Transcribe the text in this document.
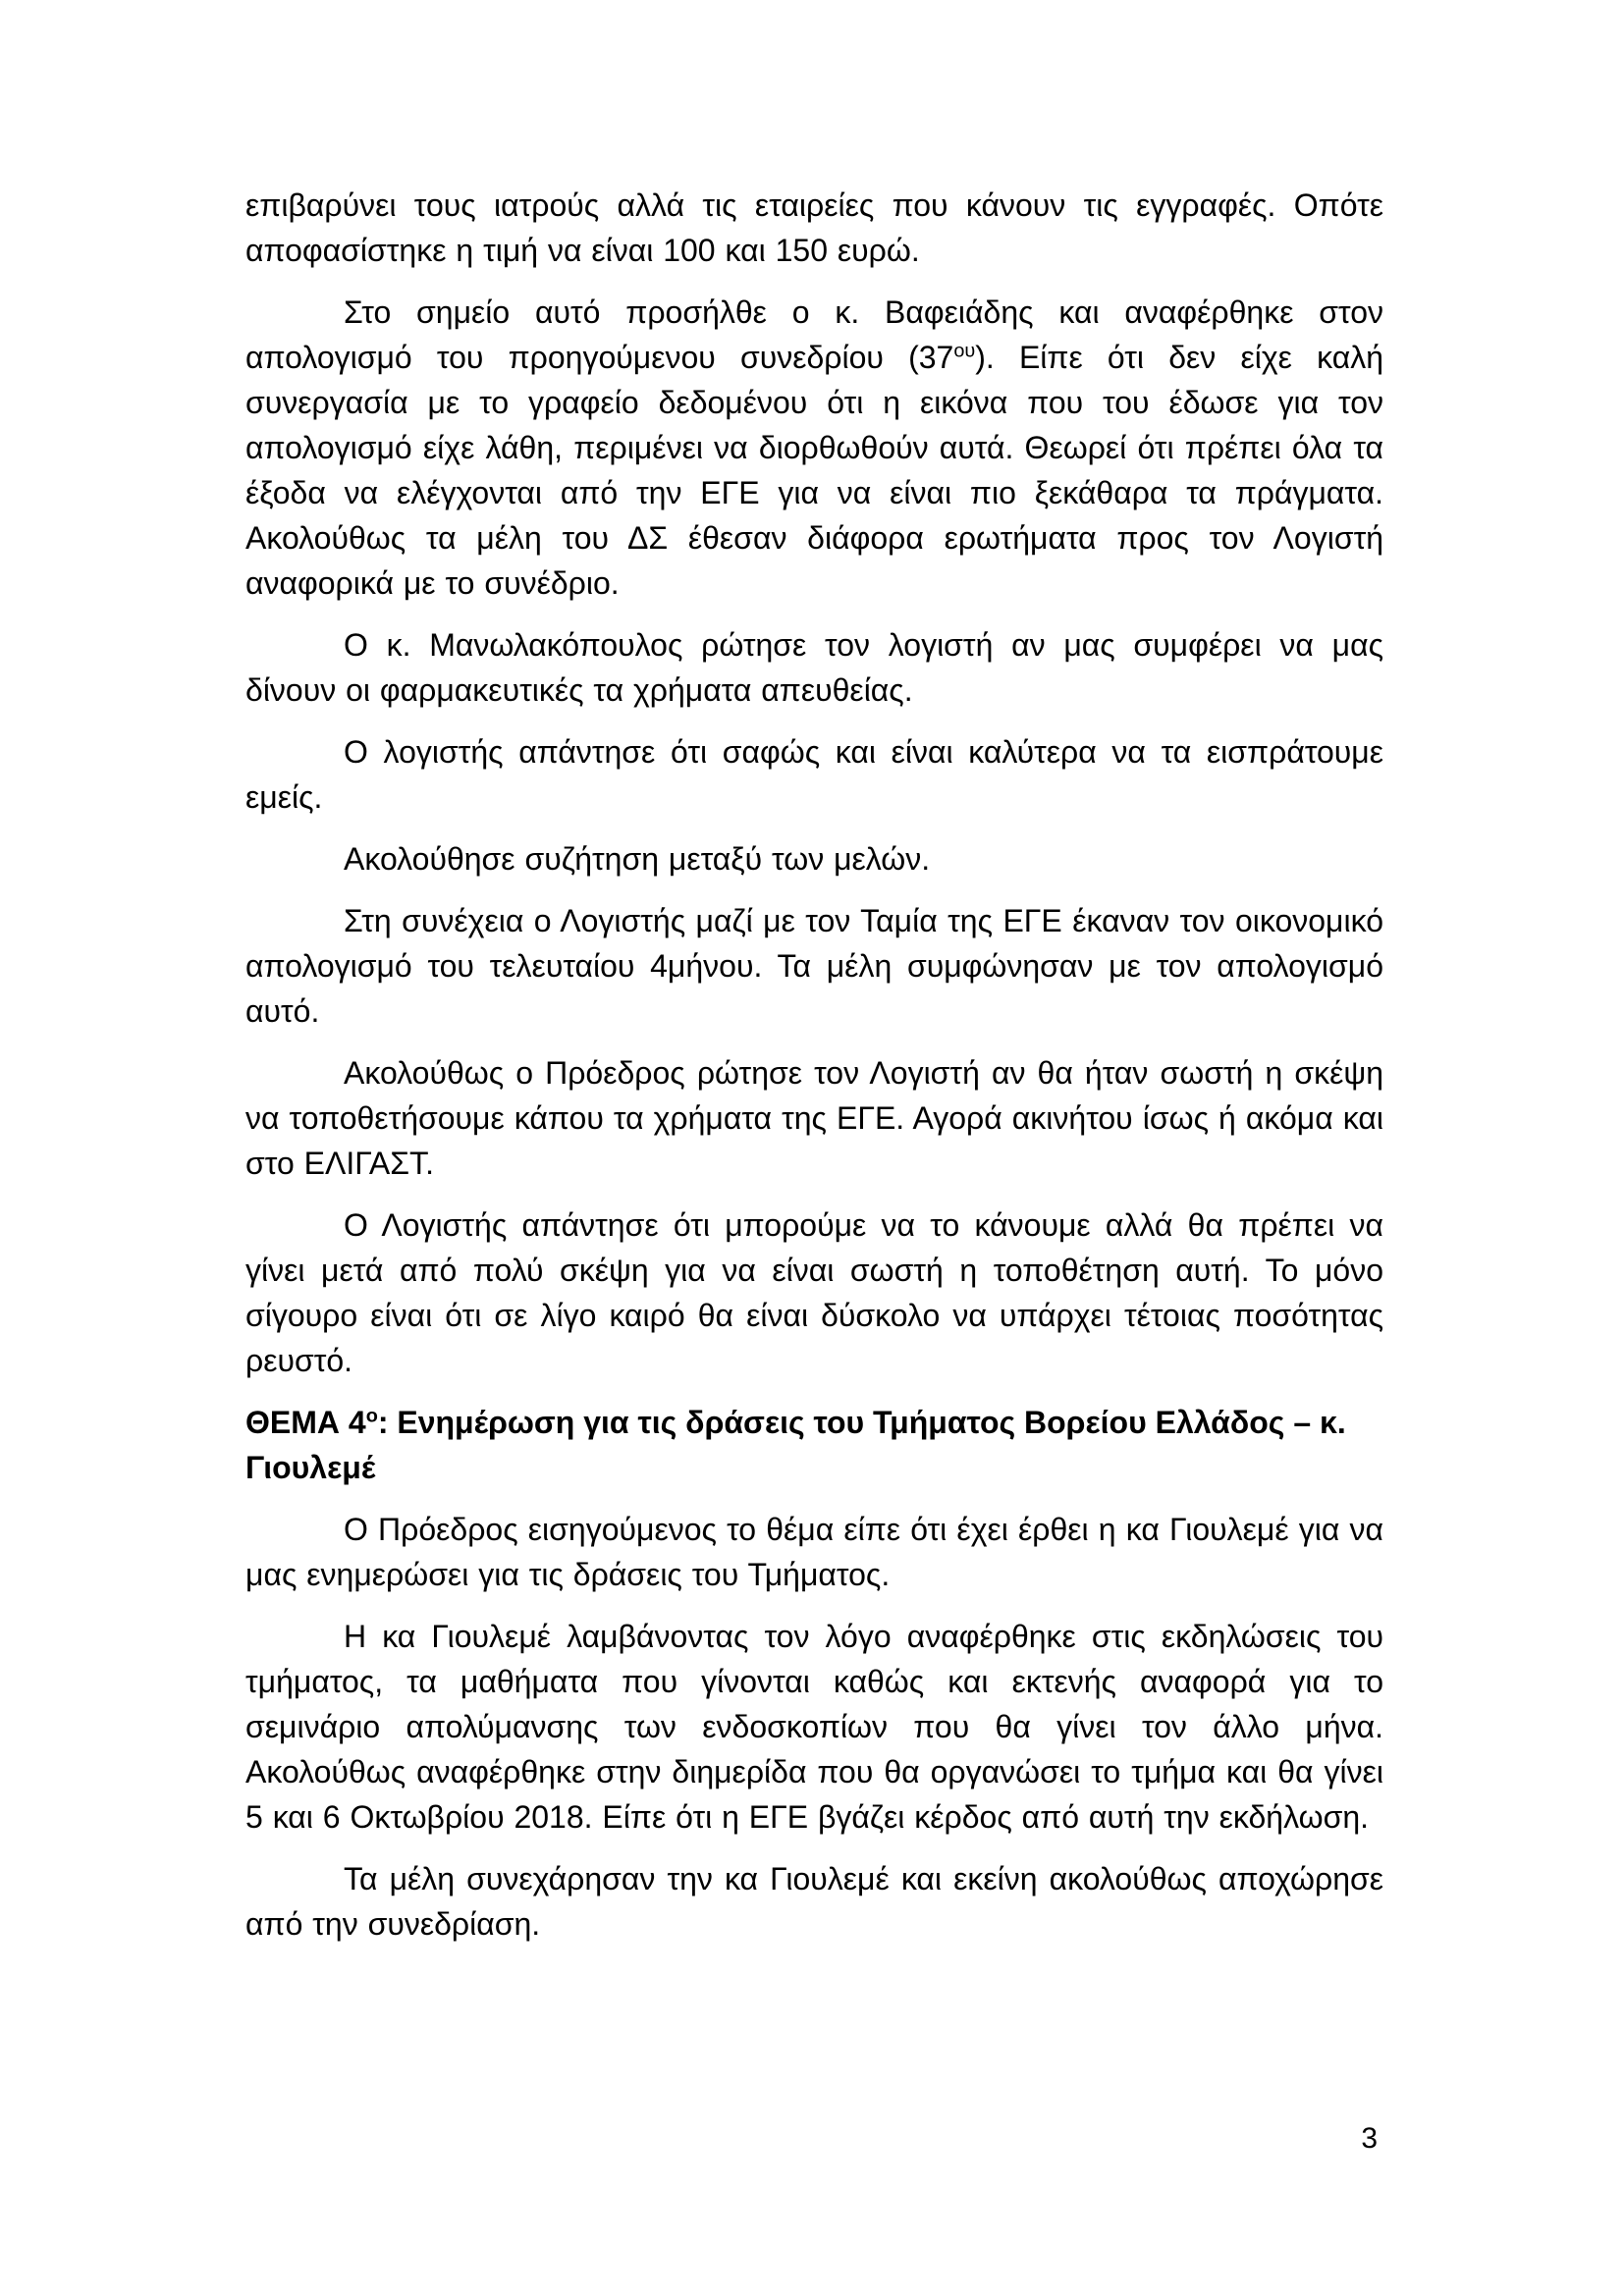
επιβαρύνει τους ιατρούς αλλά τις εταιρείες που κάνουν τις εγγραφές. Οπότε αποφασίστηκε η τιμή να είναι 100 και 150 ευρώ.

Στο σημείο αυτό προσήλθε ο κ. Βαφειάδης και αναφέρθηκε στον απολογισμό του προηγούμενου συνεδρίου $(37^{o\upsilon})$. Είπε ότι δεν είχε καλή συνεργασία με το γραφείο δεδομένου ότι η εικόνα που του έδωσε για τον απολογισμό είχε λάθη, περιμένει να διορθωθούν αυτά. Θεωρεί ότι πρέπει όλα τα έξοδα να ελέγχονται από την ΕΓΕ για να είναι πιο ξεκάθαρα τα πράγματα. Ακολούθως τα μέλη του ΔΣ έθεσαν διάφορα ερωτήματα προς τον Λογιστή αναφορικά με το συνέδριο.

Ο κ. Μανωλακόπουλος ρώτησε τον λογιστή αν μας συμφέρει να μας δίνουν οι φαρμακευτικές τα χρήματα απευθείας.

Ο λογιστής απάντησε ότι σαφώς και είναι καλύτερα να τα εισπράτουμε εμείς.

Ακολούθησε συζήτηση μεταξύ των μελών.

Στη συνέχεια ο Λογιστής μαζί με τον Ταμία της ΕΓΕ έκαναν τον οικονομικό απολογισμό του τελευταίου 4μήνου. Τα μέλη συμφώνησαν με τον απολογισμό αυτό.

Ακολούθως ο Πρόεδρος ρώτησε τον Λογιστή αν θα ήταν σωστή η σκέψη να τοποθετήσουμε κάπου τα χρήματα της ΕΓΕ. Αγορά ακινήτου ίσως ή ακόμα και στο ΕΛΙΓΑΣΤ.

Ο Λογιστής απάντησε ότι μπορούμε να το κάνουμε αλλά θα πρέπει να γίνει μετά από πολύ σκέψη για να είναι σωστή η τοποθέτηση αυτή. Το μόνο σίγουρο είναι ότι σε λίγο καιρό θα είναι δύσκολο να υπάρχει τέτοιας ποσότητας ρευστό.

ΘΕΜΑ $4^o$: Ενημέρωση για τις δράσεις του Τμήματος Βορείου Ελλάδος – κ. Γιουλεμέ

Ο Πρόεδρος εισηγούμενος το θέμα είπε ότι έχει έρθει η κα Γιουλεμέ για να μας ενημερώσει για τις δράσεις του Τμήματος.

Η κα Γιουλεμέ λαμβάνοντας τον λόγο αναφέρθηκε στις εκδηλώσεις του τμήματος, τα μαθήματα που γίνονται καθώς και εκτενής αναφορά για το σεμινάριο απολύμανσης των ενδοσκοπίων που θα γίνει τον άλλο μήνα. Ακολούθως αναφέρθηκε στην διημερίδα που θα οργανώσει το τμήμα και θα γίνει 5 και 6 Οκτωβρίου 2018. Είπε ότι η ΕΓΕ βγάζει κέρδος από αυτή την εκδήλωση.

Τα μέλη συνεχάρησαν την κα Γιουλεμέ και εκείνη ακολούθως αποχώρησε από την συνεδρίαση.

3
